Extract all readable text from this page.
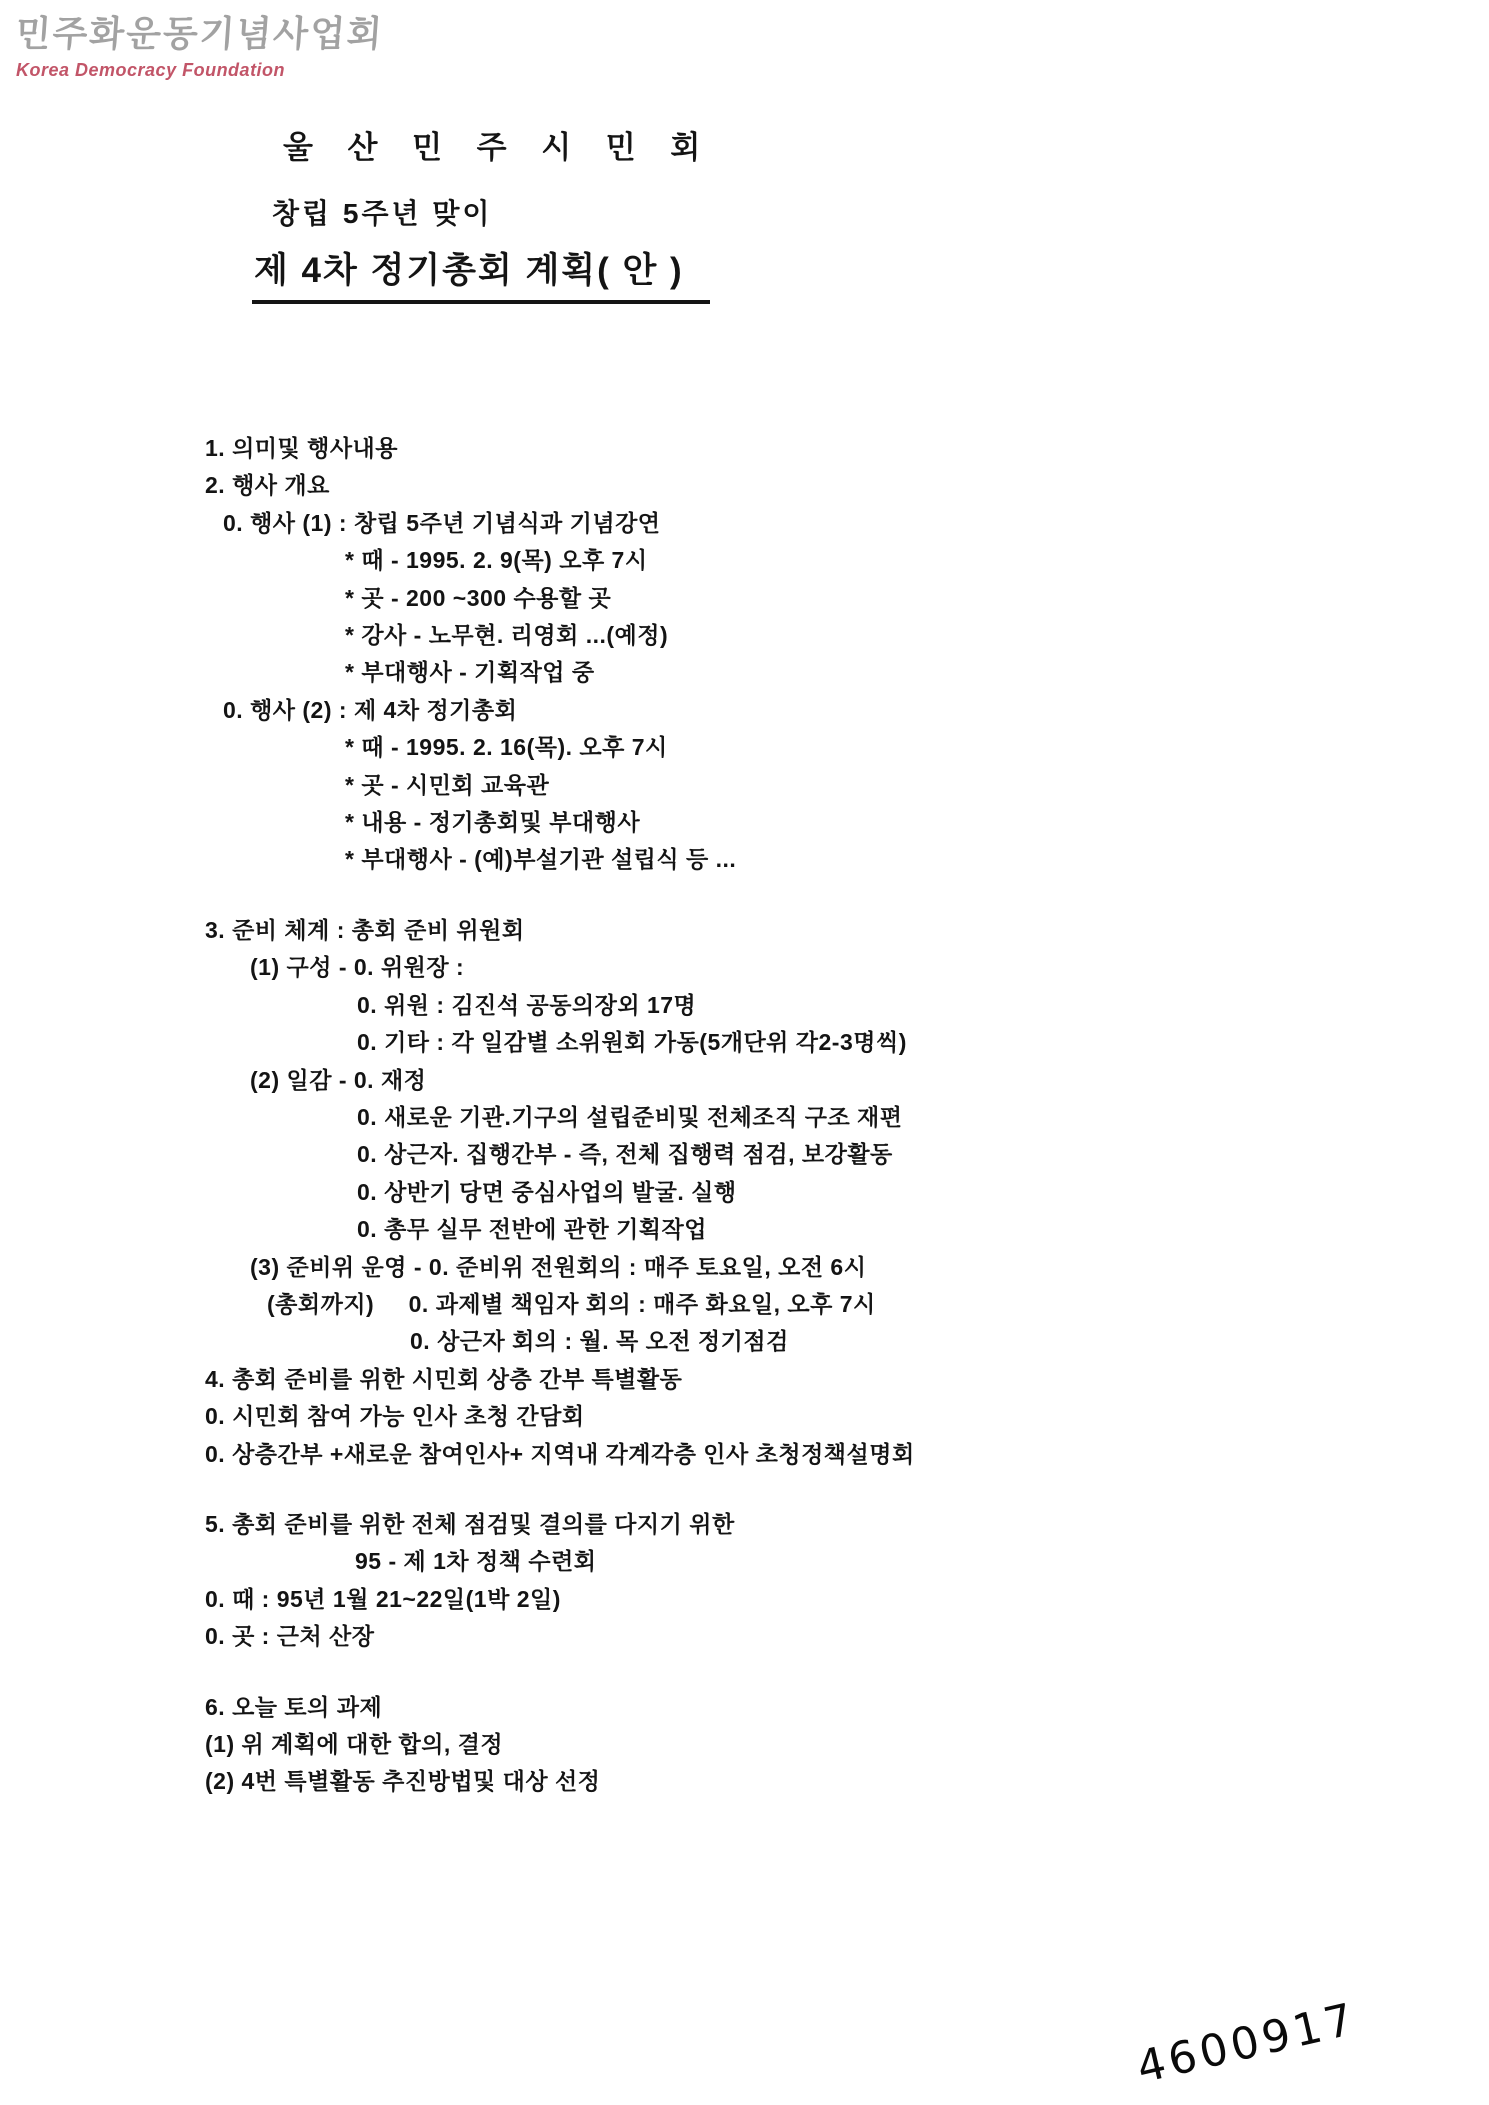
민주화운동기념사업회
Korea Democracy Foundation
울 산 민 주 시 민 회
창립 5주년 맞이
제 4차 정기총회 계획( 안 )
1. 의미및 행사내용
2. 행사 개요
0. 행사 (1) : 창립 5주년 기념식과 기념강연
* 때 - 1995. 2. 9(목) 오후 7시
* 곳 - 200 ~300 수용할 곳
* 강사 - 노무현. 리영회 ...(예정)
* 부대행사 - 기획작업 중
0. 행사 (2) : 제 4차 정기총회
* 때 - 1995. 2. 16(목). 오후 7시
* 곳 - 시민회 교육관
* 내용 - 정기총회및 부대행사
* 부대행사 - (예)부설기관 설립식 등 ...
3. 준비 체계 : 총회 준비 위원회
(1) 구성 - 0. 위원장 :
0. 위원 : 김진석 공동의장외 17명
0. 기타 : 각 일감별 소위원회 가동(5개단위 각2-3명씩)
(2) 일감 - 0. 재정
0. 새로운 기관.기구의 설립준비및 전체조직 구조 재편
0. 상근자. 집행간부 - 즉, 전체 집행력 점검, 보강활동
0. 상반기 당면 중심사업의 발굴. 실행
0. 총무 실무 전반에 관한 기획작업
(3) 준비위 운영 - 0. 준비위 전원회의 : 매주 토요일, 오전 6시
(총회까지)     0. 과제별 책임자 회의 : 매주 화요일, 오후 7시
0. 상근자 회의 : 월. 목 오전 정기점검
4. 총회 준비를 위한 시민회 상층 간부 특별활동
0. 시민회 참여 가능 인사 초청 간담회
0. 상층간부 +새로운 참여인사+ 지역내 각계각층 인사 초청정책설명회
5. 총회 준비를 위한 전체 점검및 결의를 다지기 위한
95 - 제 1차 정책 수련회
0. 때 : 95년 1월 21~22일(1박 2일)
0. 곳 : 근처 산장
6. 오늘 토의 과제
(1) 위 계획에 대한 합의, 결정
(2) 4번 특별활동 추진방법및 대상 선정
4600917
